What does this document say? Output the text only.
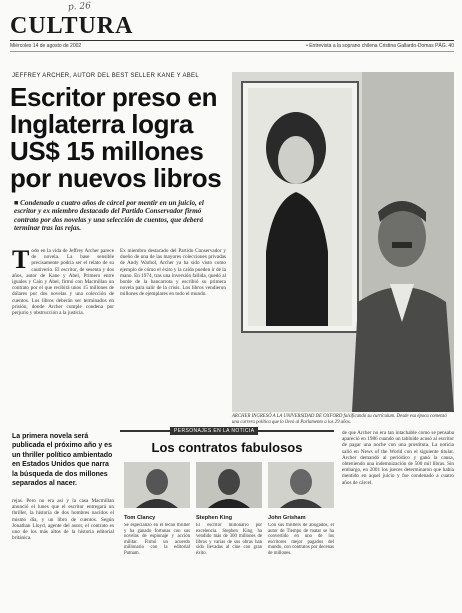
p. 26
CULTURA
Miércoles 14 de agosto de 2002	• Entrevista a la soprano chilena Cristina Gallardo-Domas PÁG. 40
JEFFREY ARCHER, AUTOR DEL BEST SELLER KANE Y ABEL
Escritor preso en Inglaterra logra US$ 15 millones por nuevos libros
■ Condenado a cuatro años de cárcel por mentir en un juicio, el escritor y ex miembro destacado del Partido Conservador firmó contrato por dos novelas y una selección de cuentos, que deberá terminar tras las rejas.
T odo en la vida de Jeffrey Archer parece de novela. La base sensible precisamente podría ser el relato de su cautiverio. El escritor, de sesenta y dos años, autor de Kane y Abel, Primero entre iguales y Caín y Abel, firmó con Macmillan un contrato por el que recibirá unos 15 millones de dólares por dos novelas y una colección de cuentos. Los libros deberán ser terminados en prisión, donde Archer cumple condena por perjurio y obstrucción a la justicia.
Ex miembro destacado del Partido Conservador y dueño de una de las mayores colecciones privadas de Andy Warhol, Archer ya ha sido visto como ejemplo de cómo el éxito y la caída pueden ir de la mano. En 1974, tras una inversión fallida, quedó al borde de la bancarrota y escribió su primera novela para salir de la crisis. Los libros vendieron millones de ejemplares en todo el mundo.
La primera novela será publicada el próximo año y es un thriller político ambientado en Estados Unidos que narra la búsqueda de dos millones separados al nacer.
rejas. Pero no era así y la casa Macmillan anunció el lunes que el escritor entregará un thriller, la historia de dos hombres nacidos el mismo día, y un libro de cuentos. Según Jonathan Lloyd, agente del autor, el contrato es uno de los más altos de la historia editorial británica.
ARCHER INGRESÓ A LA UNIVERSIDAD DE OXFORD falsificando su currículum. Desde esa época comenzó una carrera política que lo llevó al Parlamento a los 29 años.
PERSONAJES EN LA NOTICIA
Los contratos fabulosos
Tom Clancy
Se especializó en el tecno thriller y ha ganado fortunas con sus novelas de espionaje y acción militar. Firmó un acuerdo millonario con la editorial Putnam.
Stephen King
El escritor millonario por excelencia. Stephen King ha vendido más de 300 millones de libros y varias de sus obras han sido llevadas al cine con gran éxito.
John Grisham
Con sus thrillers de abogados, el autor de Tiempo de matar se ha convertido en uno de los escritores mejor pagados del mundo, con contratos por decenas de millones.
de que Archer no era tan intachable como se pensaba apareció en 1986 cuando un tabloide acusó al escritor de pagar una noche con una prostituta. La noticia salió en News of the World con el siguiente titular. Archer demandó al periódico y ganó la causa, obteniendo una indemnización de 500 mil libras. Sin embargo, en 2001 los jueces determinaron que había mentido en aquel juicio y fue condenado a cuatro años de cárcel.
